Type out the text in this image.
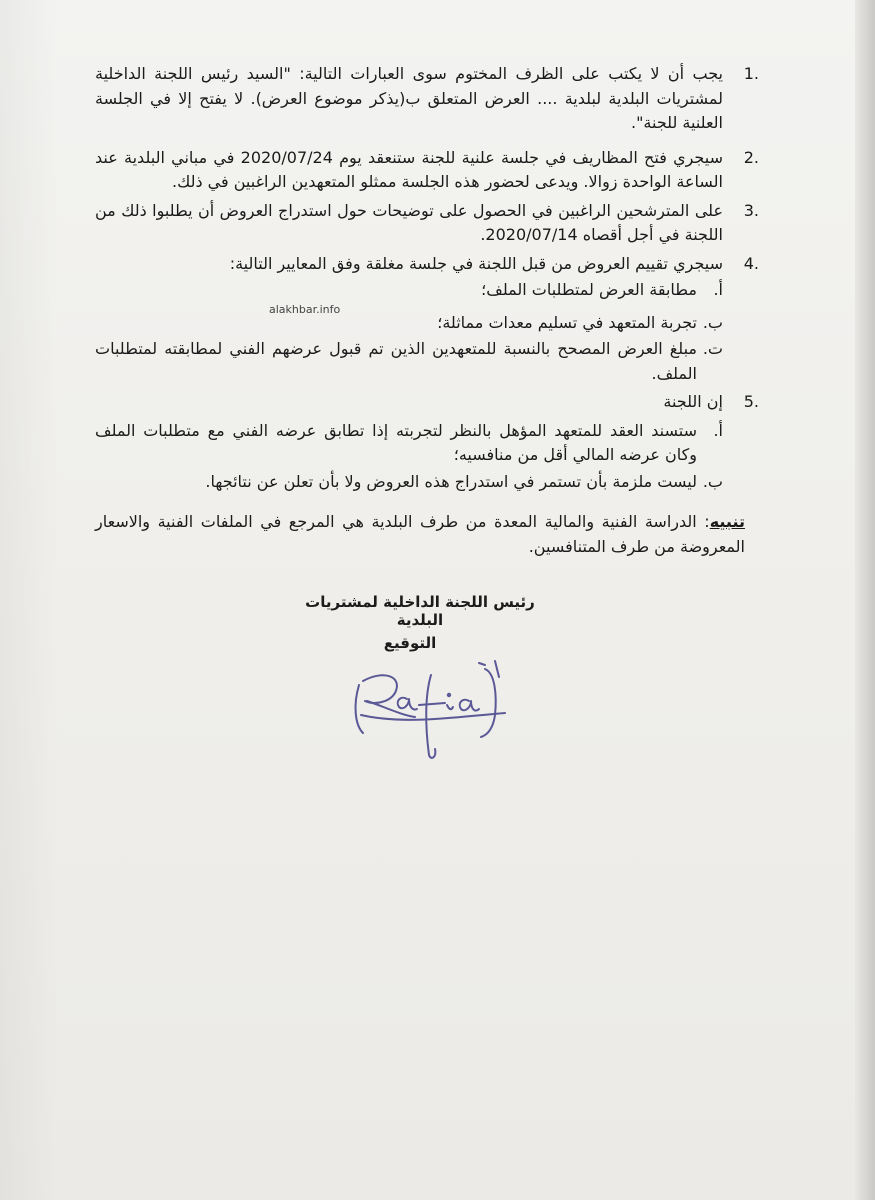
1.
يجب أن لا يكتب على الظرف المختوم سوى العبارات التالية: "السيد رئيس اللجنة الداخلية لمشتريات البلدية لبلدية .... العرض المتعلق ب(يذكر موضوع العرض). لا يفتح إلا في الجلسة العلنية للجنة".
2.
سيجري فتح المظاريف في جلسة علنية للجنة ستنعقد يوم 2020/07/24 في مباني البلدية عند الساعة الواحدة زوالا. ويدعى لحضور هذه الجلسة ممثلو المتعهدين الراغبين في ذلك.
3.
على المترشحين الراغبين في الحصول على توضيحات حول استدراج العروض أن يطلبوا ذلك من اللجنة في أجل أقصاه 2020/07/14.
4.
سيجري تقييم العروض من قبل اللجنة في جلسة مغلقة وفق المعايير التالية:
أ.
مطابقة العرض لمتطلبات الملف؛
ب.
تجربة المتعهد في تسليم معدات مماثلة؛
ت.
مبلغ العرض المصحح بالنسبة للمتعهدين الذين تم قبول عرضهم الفني لمطابقته لمتطلبات الملف.
5.
إن اللجنة
أ.
ستسند العقد للمتعهد المؤهل بالنظر لتجربته إذا تطابق عرضه الفني مع متطلبات الملف وكان عرضه المالي أقل من منافسيه؛
ب.
ليست ملزمة بأن تستمر في استدراج هذه العروض ولا بأن تعلن عن نتائجها.
تنبيه: الدراسة الفنية والمالية المعدة من طرف البلدية هي المرجع في الملفات الفنية والاسعار المعروضة من طرف المتنافسين.
alakhbar.info
رئيس اللجنة الداخلية لمشتريات البلدية
التوقيع
